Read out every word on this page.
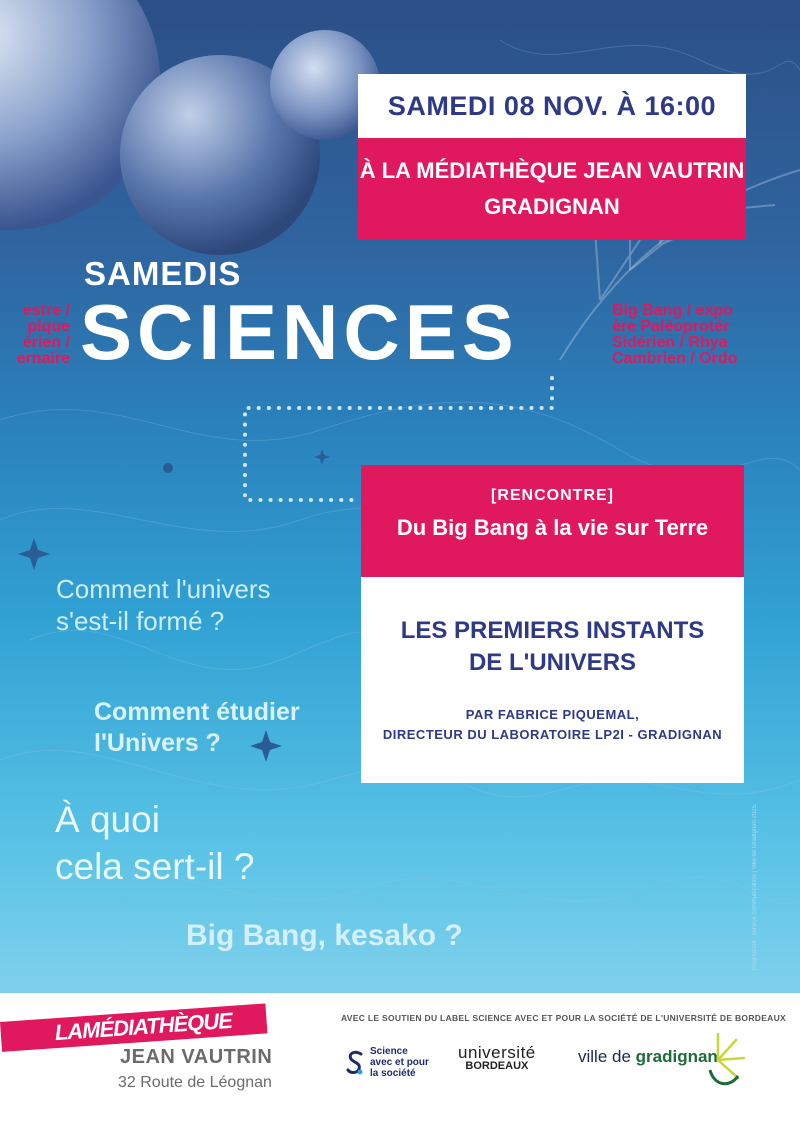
SAMEDI 08 NOV. À 16:00
À LA MÉDIATHÈQUE JEAN VAUTRIN
GRADIGNAN
SAMEDIS
SCIENCES
estre /
pique
érien /
ernaire
Big Bang / expo
ère Paléoprotér
Sidérien / Rhya
Cambrien / Ordo
[RENCONTRE]
Du Big Bang à la vie sur Terre
LES PREMIERS INSTANTS
DE L'UNIVERS
PAR FABRICE PIQUEMAL,
DIRECTEUR DU LABORATOIRE LP2I - GRADIGNAN
Comment l'univers
s'est-il formé ?
Comment étudier
l'Univers ?
À quoi
cela sert-il ?
Big Bang, kesako ?	Réalisation : service communication | Ville de Gradignan 2025.
LAMÉDIATHÈQUE
JEAN VAUTRIN
32 Route de Léognan
AVEC LE SOUTIEN DU LABEL SCIENCE AVEC ET POUR LA SOCIÉTÉ DE L'UNIVERSITÉ DE BORDEAUX
Science
avec et pour
la société
université
BORDEAUX	ville de gradignan
